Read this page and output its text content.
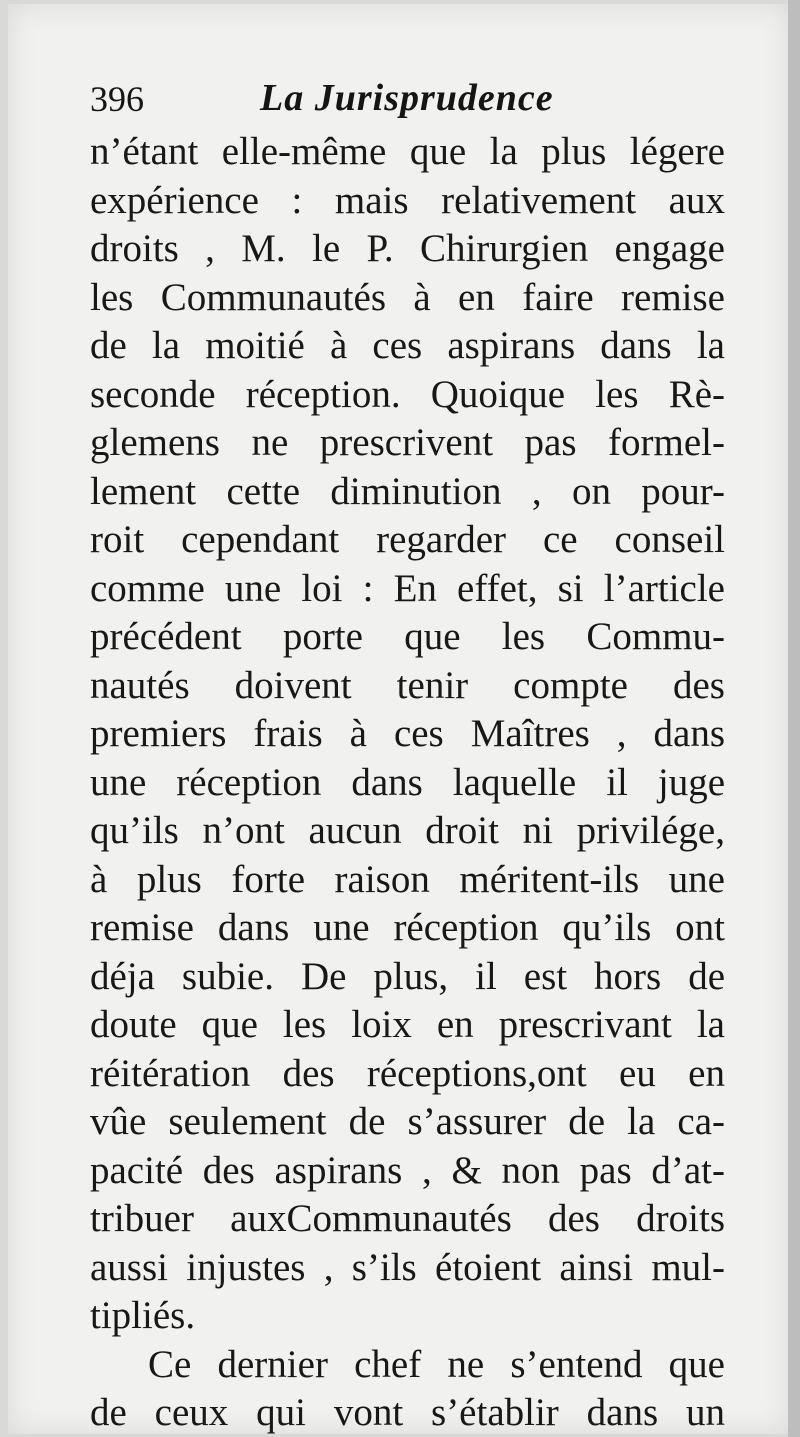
396	La Jurisprudence
n’étant elle-même que la plus légere
expérience : mais relativement aux
droits , M. le P. Chirurgien engage
les Communautés à en faire remise
de la moitié à ces aspirans dans la
seconde réception. Quoique les Rè-
glemens ne prescrivent pas formel-
lement cette diminution , on pour-
roit cependant regarder ce conseil
comme une loi : En effet, si l’article
précédent porte que les Commu-
nautés doivent tenir compte des
premiers frais à ces Maîtres , dans
une réception dans laquelle il juge
qu’ils n’ont aucun droit ni privilége,
à plus forte raison méritent-ils une
remise dans une réception qu’ils ont
déja subie. De plus, il est hors de
doute que les loix en prescrivant la
réitération des réceptions,ont eu en
vûe seulement de s’assurer de la ca-
pacité des aspirans , & non pas d’at-
tribuer auxCommunautés des droits
aussi injustes , s’ils étoient ainsi mul-
tipliés.
Ce dernier chef ne s’entend que
de ceux qui vont s’établir dans un
